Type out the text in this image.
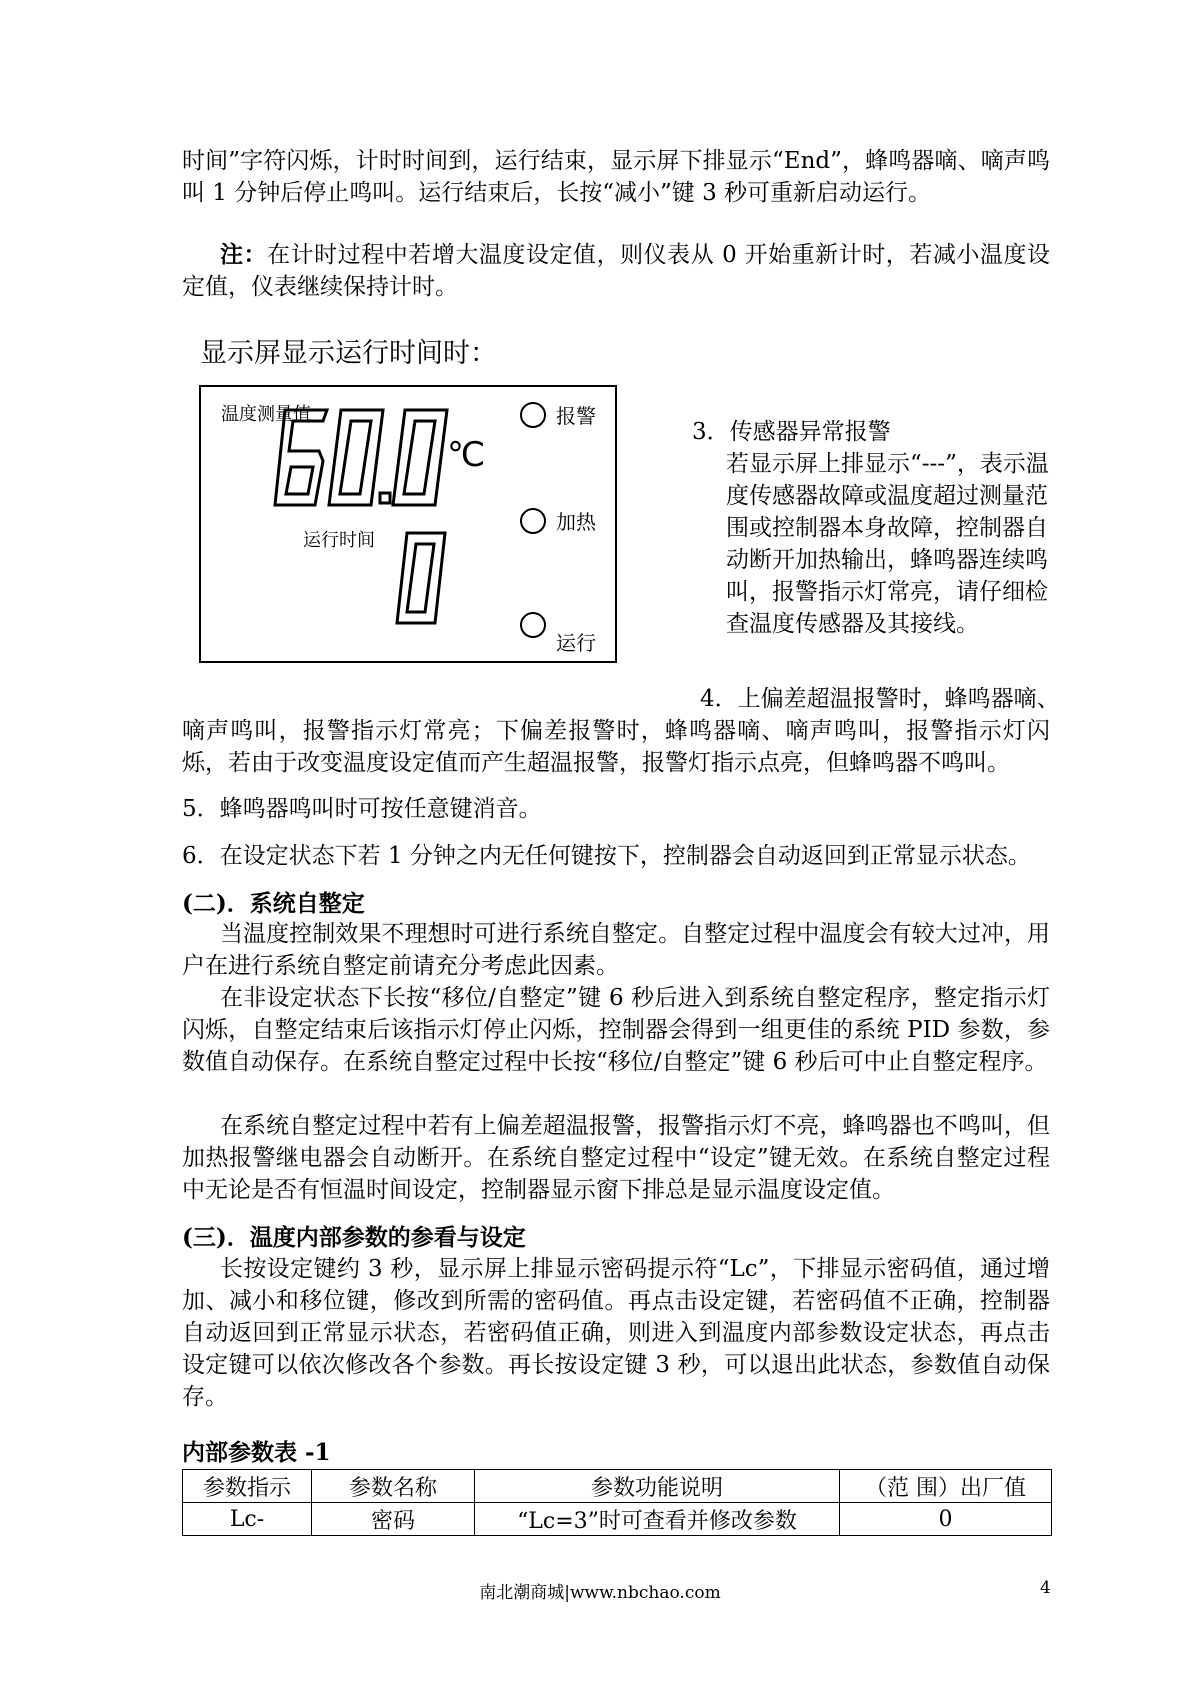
时间”字符闪烁，计时时间到，运行结束，显示屏下排显示“End”，蜂鸣器嘀、嘀声鸣叫 1 分钟后停止鸣叫。运行结束后，长按“减小”键 3 秒可重新启动运行。

注：在计时过程中若增大温度设定值，则仪表从 0 开始重新计时，若减小温度设定值，仪表继续保持计时。

显示屏显示运行时间时：
温度测量值
℃
运行时间
报警
加热
运行
3．传感器异常报警
若显示屏上排显示“---”，表示温度传感器故障或温度超过测量范围或控制器本身故障，控制器自动断开加热输出，蜂鸣器连续鸣叫，报警指示灯常亮，请仔细检查温度传感器及其接线。

4．上偏差超温报警时，蜂鸣器嘀、

嘀声鸣叫，报警指示灯常亮；下偏差报警时，蜂鸣器嘀、嘀声鸣叫，报警指示灯闪烁，若由于改变温度设定值而产生超温报警，报警灯指示点亮，但蜂鸣器不鸣叫。

5．蜂鸣器鸣叫时可按任意键消音。

6．在设定状态下若 1 分钟之内无任何键按下，控制器会自动返回到正常显示状态。

(二)．系统自整定

当温度控制效果不理想时可进行系统自整定。自整定过程中温度会有较大过冲，用户在进行系统自整定前请充分考虑此因素。

在非设定状态下长按“移位/自整定”键 6 秒后进入到系统自整定程序，整定指示灯闪烁，自整定结束后该指示灯停止闪烁，控制器会得到一组更佳的系统 PID 参数，参数值自动保存。在系统自整定过程中长按“移位/自整定”键 6 秒后可中止自整定程序。

在系统自整定过程中若有上偏差超温报警，报警指示灯不亮，蜂鸣器也不鸣叫，但加热报警继电器会自动断开。在系统自整定过程中“设定”键无效。在系统自整定过程中无论是否有恒温时间设定，控制器显示窗下排总是显示温度设定值。

(三)．温度内部参数的参看与设定

长按设定键约 3 秒，显示屏上排显示密码提示符“Lc”，下排显示密码值，通过增加、减小和移位键，修改到所需的密码值。再点击设定键，若密码值不正确，控制器自动返回到正常显示状态，若密码值正确，则进入到温度内部参数设定状态，再点击设定键可以依次修改各个参数。再长按设定键 3 秒，可以退出此状态，参数值自动保存。

内部参数表 -1

参数指示	参数名称	参数功能说明	（范 围）出厂值
Lc-	密码	“Lc=3”时可查看并修改参数	0
南北潮商城|www.nbchao.com	4
